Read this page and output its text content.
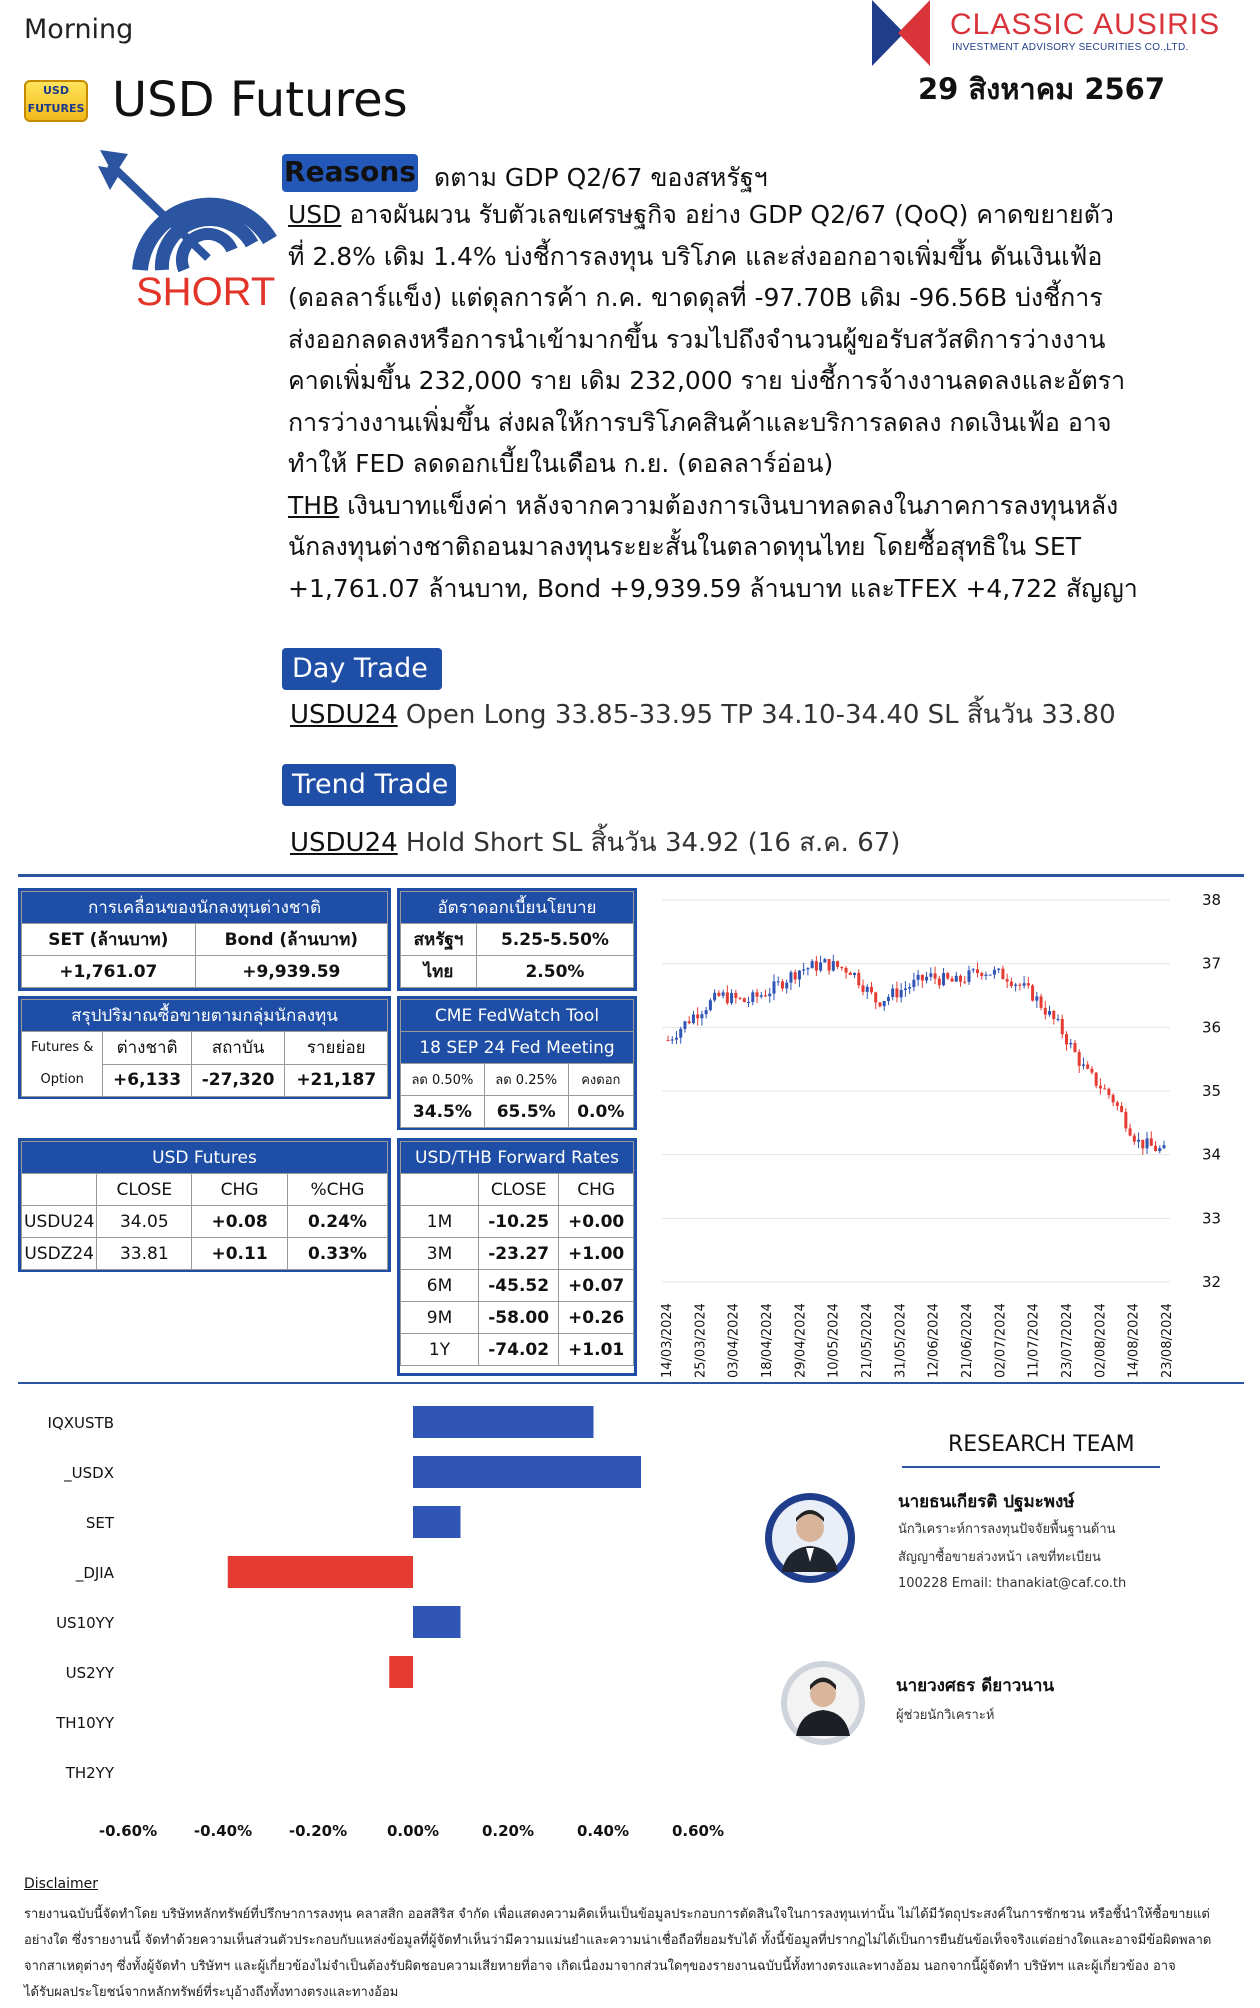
Morning	CLASSIC AUSIRIS
INVESTMENT ADVISORY SECURITIES CO.,LTD.
29 สิงหาคม 2567
USD FUTURES USD Futures
SHORT
Reasons ดตาม GDP Q2/67 ของสหรัฐฯ
USD อาจผันผวน รับตัวเลขเศรษฐกิจ อย่าง GDP Q2/67 (QoQ) คาดขยายตัว
ที่ 2.8% เดิม 1.4% บ่งชี้การลงทุน บริโภค และส่งออกอาจเพิ่มขึ้น ดันเงินเฟ้อ
(ดอลลาร์แข็ง) แต่ดุลการค้า ก.ค. ขาดดุลที่ -97.70B เดิม -96.56B บ่งชี้การ
ส่งออกลดลงหรือการนำเข้ามากขึ้น รวมไปถึงจำนวนผู้ขอรับสวัสดิการว่างงาน
คาดเพิ่มขึ้น 232,000 ราย เดิม 232,000 ราย บ่งชี้การจ้างงานลดลงและอัตรา
การว่างงานเพิ่มขึ้น ส่งผลให้การบริโภคสินค้าและบริการลดลง กดเงินเฟ้อ อาจ
ทำให้ FED ลดดอกเบี้ยในเดือน ก.ย. (ดอลลาร์อ่อน)
THB เงินบาทแข็งค่า หลังจากความต้องการเงินบาทลดลงในภาคการลงทุนหลัง
นักลงทุนต่างชาติถอนมาลงทุนระยะสั้นในตลาดทุนไทย โดยซื้อสุทธิใน SET
+1,761.07 ล้านบาท, Bond +9,939.59 ล้านบาท และTFEX +4,722 สัญญา
Day Trade
USDU24 Open Long 33.85-33.95 TP 34.10-34.40 SL สิ้นวัน 33.80
Trend Trade
USDU24 Hold Short SL สิ้นวัน 34.92 (16 ส.ค. 67)
การเคลื่อนของนักลงทุนต่างชาติ	
SET (ล้านบาท)	Bond (ล้านบาท)
+1,761.07	+9,939.59
อัตราดอกเบี้ยนโยบาย	
สหรัฐฯ	5.25-5.50%
ไทย	2.50%
สรุปปริมาณซื้อขายตามกลุ่มนักลงทุน			

Futures &
Option	ต่างชาติ	สถาบัน	รายย่อย
	+6,133	-27,320	+21,187
CME FedWatch Tool		
18 SEP 24 Fed Meeting		
ลด 0.50%	ลด 0.25%	คงดอก
34.5%	65.5%	0.0%
USD Futures			
	CLOSE	CHG	%CHG
USDU24	34.05	+0.08	0.24%
USDZ24	33.81	+0.11	0.33%
USD/THB Forward Rates		
	CLOSE	CHG
1M	-10.25	+0.00
3M	-23.27	+1.00
6M	-45.52	+0.07
9M	-58.00	+0.26
1Y	-74.02	+1.01
38
37
36
35
34
33
32
14/03/2024 25/03/2024 03/04/2024 18/04/2024 29/04/2024 10/05/2024 21/05/2024 31/05/2024 12/06/2024 21/06/2024 02/07/2024 11/07/2024 23/07/2024 02/08/2024 14/08/2024 23/08/2024
IQXUSTB
_USDX
SET
_DJIA
US10YY
US2YY
TH10YY
TH2YY
-0.60% -0.40% -0.20%	0.00%	0.20%	0.40%	0.60%
RESEARCH TEAM
นายธนเกียรติ ปฐมะพงษ์
นักวิเคราะห์การลงทุนปัจจัยพื้นฐานด้าน
สัญญาซื้อขายล่วงหน้า เลขที่ทะเบียน
100228 Email: thanakiat@caf.co.th
นายวงศธร ดียาวนาน
ผู้ช่วยนักวิเคราะห์
Disclaimer
รายงานฉบับนี้จัดทำโดย บริษัทหลักทรัพย์ที่ปรึกษาการลงทุน คลาสสิก ออสสิริส จำกัด เพื่อแสดงความคิดเห็นเป็นข้อมูลประกอบการตัดสินใจในการลงทุนเท่านั้น ไม่ได้มีวัตถุประสงค์ในการชักชวน หรือชี้นำให้ซื้อขายแต่
อย่างใด ซึ่งรายงานนี้ จัดทำด้วยความเห็นส่วนตัวประกอบกับแหล่งข้อมูลที่ผู้จัดทำเห็นว่ามีความแม่นยำและความน่าเชื่อถือที่ยอมรับได้ ทั้งนี้ข้อมูลที่ปรากฏไม่ได้เป็นการยืนยันข้อเท็จจริงแต่อย่างใดและอาจมีข้อผิดพลาด
จากสาเหตุต่างๆ ซึ่งทั้งผู้จัดทำ บริษัทฯ และผู้เกี่ยวข้องไม่จำเป็นต้องรับผิดชอบความเสียหายที่อาจ เกิดเนื่องมาจากส่วนใดๆของรายงานฉบับนี้ทั้งทางตรงและทางอ้อม นอกจากนี้ผู้จัดทำ บริษัทฯ และผู้เกี่ยวข้อง อาจ
ได้รับผลประโยชน์จากหลักทรัพย์ที่ระบุอ้างถึงทั้งทางตรงและทางอ้อม
